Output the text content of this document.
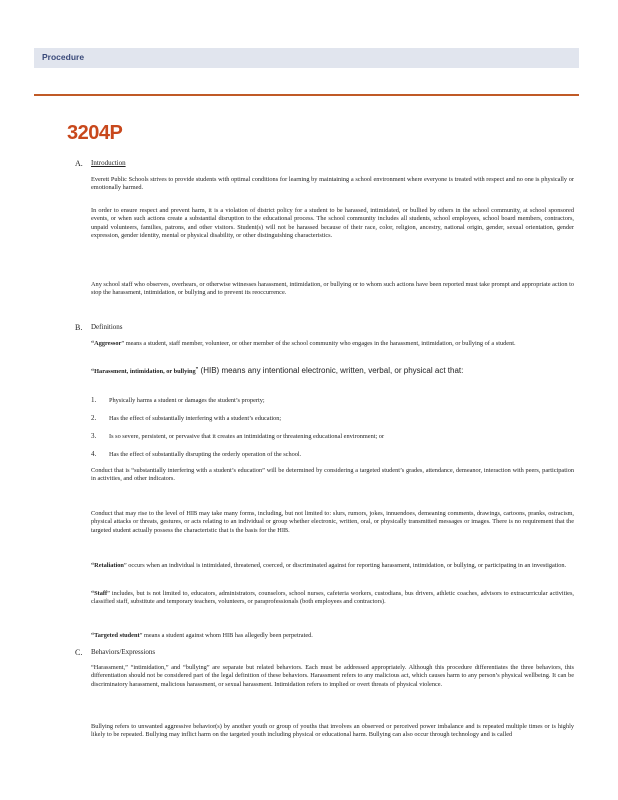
Procedure
3204P
A. Introduction
Everett Public Schools strives to provide students with optimal conditions for learning by maintaining a school environment where everyone is treated with respect and no one is physically or emotionally harmed.
In order to ensure respect and prevent harm, it is a violation of district policy for a student to be harassed, intimidated, or bullied by others in the school community, at school sponsored events, or when such actions create a substantial disruption to the educational process. The school community includes all students, school employees, school board members, contractors, unpaid volunteers, families, patrons, and other visitors. Student(s) will not be harassed because of their race, color, religion, ancestry, national origin, gender, sexual orientation, gender expression, gender identity, mental or physical disability, or other distinguishing characteristics.
Any school staff who observes, overhears, or otherwise witnesses harassment, intimidation, or bullying or to whom such actions have been reported must take prompt and appropriate action to stop the harassment, intimidation, or bullying and to prevent its reoccurrence.
B. Definitions
“Aggressor” means a student, staff member, volunteer, or other member of the school community who engages in the harassment, intimidation, or bullying of a student.
“Harassment, intimidation, or bullying” (HIB) means any intentional electronic, written, verbal, or physical act that:
1. Physically harms a student or damages the student’s property;
2. Has the effect of substantially interfering with a student’s education;
3. Is so severe, persistent, or pervasive that it creates an intimidating or threatening educational environment; or
4. Has the effect of substantially disrupting the orderly operation of the school.
Conduct that is “substantially interfering with a student’s education” will be determined by considering a targeted student’s grades, attendance, demeanor, interaction with peers, participation in activities, and other indicators.
Conduct that may rise to the level of HIB may take many forms, including, but not limited to: slurs, rumors, jokes, innuendoes, demeaning comments, drawings, cartoons, pranks, ostracism, physical attacks or threats, gestures, or acts relating to an individual or group whether electronic, written, oral, or physically transmitted messages or images. There is no requirement that the targeted student actually possess the characteristic that is the basis for the HIB.
“Retaliation” occurs when an individual is intimidated, threatened, coerced, or discriminated against for reporting harassment, intimidation, or bullying, or participating in an investigation.
“Staff” includes, but is not limited to, educators, administrators, counselors, school nurses, cafeteria workers, custodians, bus drivers, athletic coaches, advisors to extracurricular activities, classified staff, substitute and temporary teachers, volunteers, or paraprofessionals (both employees and contractors).
“Targeted student” means a student against whom HIB has allegedly been perpetrated.
C. Behaviors/Expressions
“Harassment,” “intimidation,” and “bullying” are separate but related behaviors. Each must be addressed appropriately. Although this procedure differentiates the three behaviors, this differentiation should not be considered part of the legal definition of these behaviors. Harassment refers to any malicious act, which causes harm to any person’s physical wellbeing. It can be discriminatory harassment, malicious harassment, or sexual harassment. Intimidation refers to implied or overt threats of physical violence.
Bullying refers to unwanted aggressive behavior(s) by another youth or group of youths that involves an observed or perceived power imbalance and is repeated multiple times or is highly likely to be repeated. Bullying may inflict harm on the targeted youth including physical or educational harm. Bullying can also occur through technology and is called
